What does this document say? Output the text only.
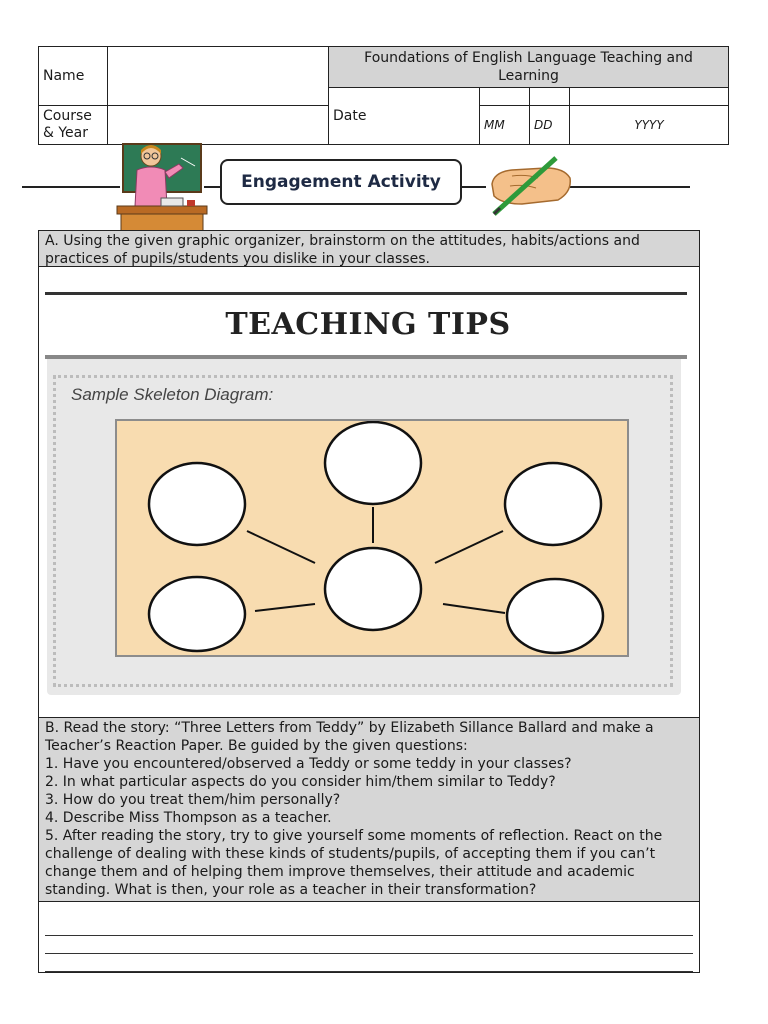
Name		Foundations of English Language Teaching and Learning			
		Date			
Course & Year			MM	DD	YYYY
Engagement Activity
A. Using the given graphic organizer, brainstorm on the attitudes, habits/actions and practices of pupils/students you dislike in your classes.
TEACHING TIPS
Sample Skeleton Diagram:

B. Read the story: “Three Letters from Teddy” by Elizabeth Sillance Ballard and make a Teacher’s Reaction Paper. Be guided by the given questions:

1. Have you encountered/observed a Teddy or some teddy in your classes?

2. In what particular aspects do you consider him/them similar to Teddy?

3. How do you treat them/him personally?

4. Describe Miss Thompson as a teacher.

5. After reading the story, try to give yourself some moments of reflection. React on the challenge of dealing with these kinds of students/pupils, of accepting them if you can’t change them and of helping them improve themselves, their attitude and academic standing. What is then, your role as a teacher in their transformation?
